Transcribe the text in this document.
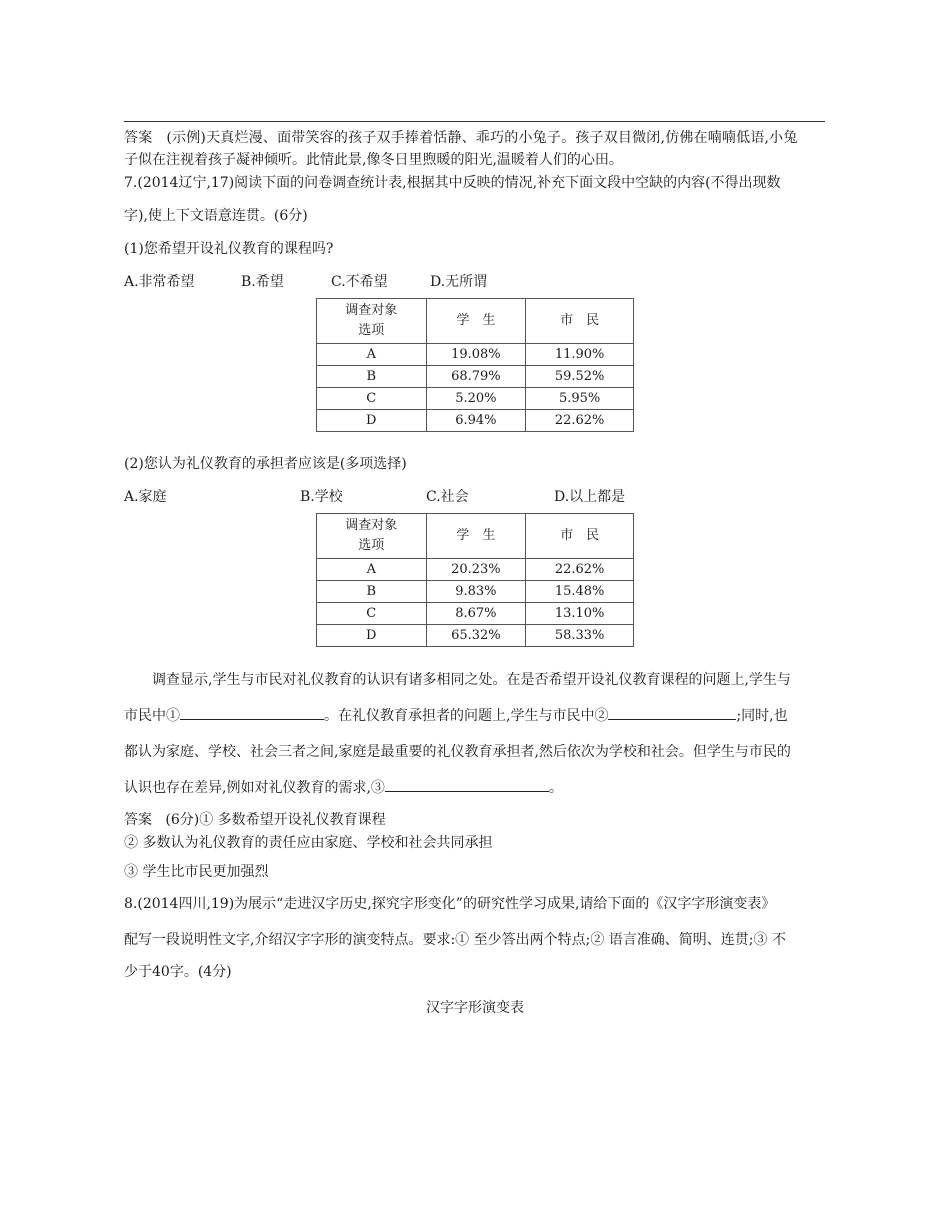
答案 (示例)天真烂漫、面带笑容的孩子双手捧着恬静、乖巧的小兔子。孩子双目微闭,仿佛在喃喃低语,小兔
子似在注视着孩子凝神倾听。此情此景,像冬日里煦暖的阳光,温暖着人们的心田。
7.(2014辽宁,17)阅读下面的问卷调查统计表,根据其中反映的情况,补充下面文段中空缺的内容(不得出现数
字),使上下文语意连贯。(6分)
(1)您希望开设礼仪教育的课程吗?
A.非常希望	B.希望	C.不希望	D.无所谓
调查对象
选项	学　生	市　民
A	19.08%	11.90%
B	68.79%	59.52%
C	5.20%	5.95%
D	6.94%	22.62%
(2)您认为礼仪教育的承担者应该是(多项选择)
A.家庭	B.学校	C.社会	D.以上都是
调查对象
选项	学　生	市　民
A	20.23%	22.62%
B	9.83%	15.48%
C	8.67%	13.10%
D	65.32%	58.33%
调查显示,学生与市民对礼仪教育的认识有诸多相同之处。在是否希望开设礼仪教育课程的问题上,学生与
市民中①	。在礼仪教育承担者的问题上,学生与市民中②	;同时,也
都认为家庭、学校、社会三者之间,家庭是最重要的礼仪教育承担者,然后依次为学校和社会。但学生与市民的
认识也存在差异,例如对礼仪教育的需求,③	。
答案 (6分)① 多数希望开设礼仪教育课程
② 多数认为礼仪教育的责任应由家庭、学校和社会共同承担
③ 学生比市民更加强烈
8.(2014四川,19)为展示“走进汉字历史,探究字形变化”的研究性学习成果,请给下面的《汉字字形演变表》
配写一段说明性文字,介绍汉字字形的演变特点。要求:① 至少答出两个特点;② 语言准确、简明、连贯;③ 不
少于40字。(4分)
汉字字形演变表
